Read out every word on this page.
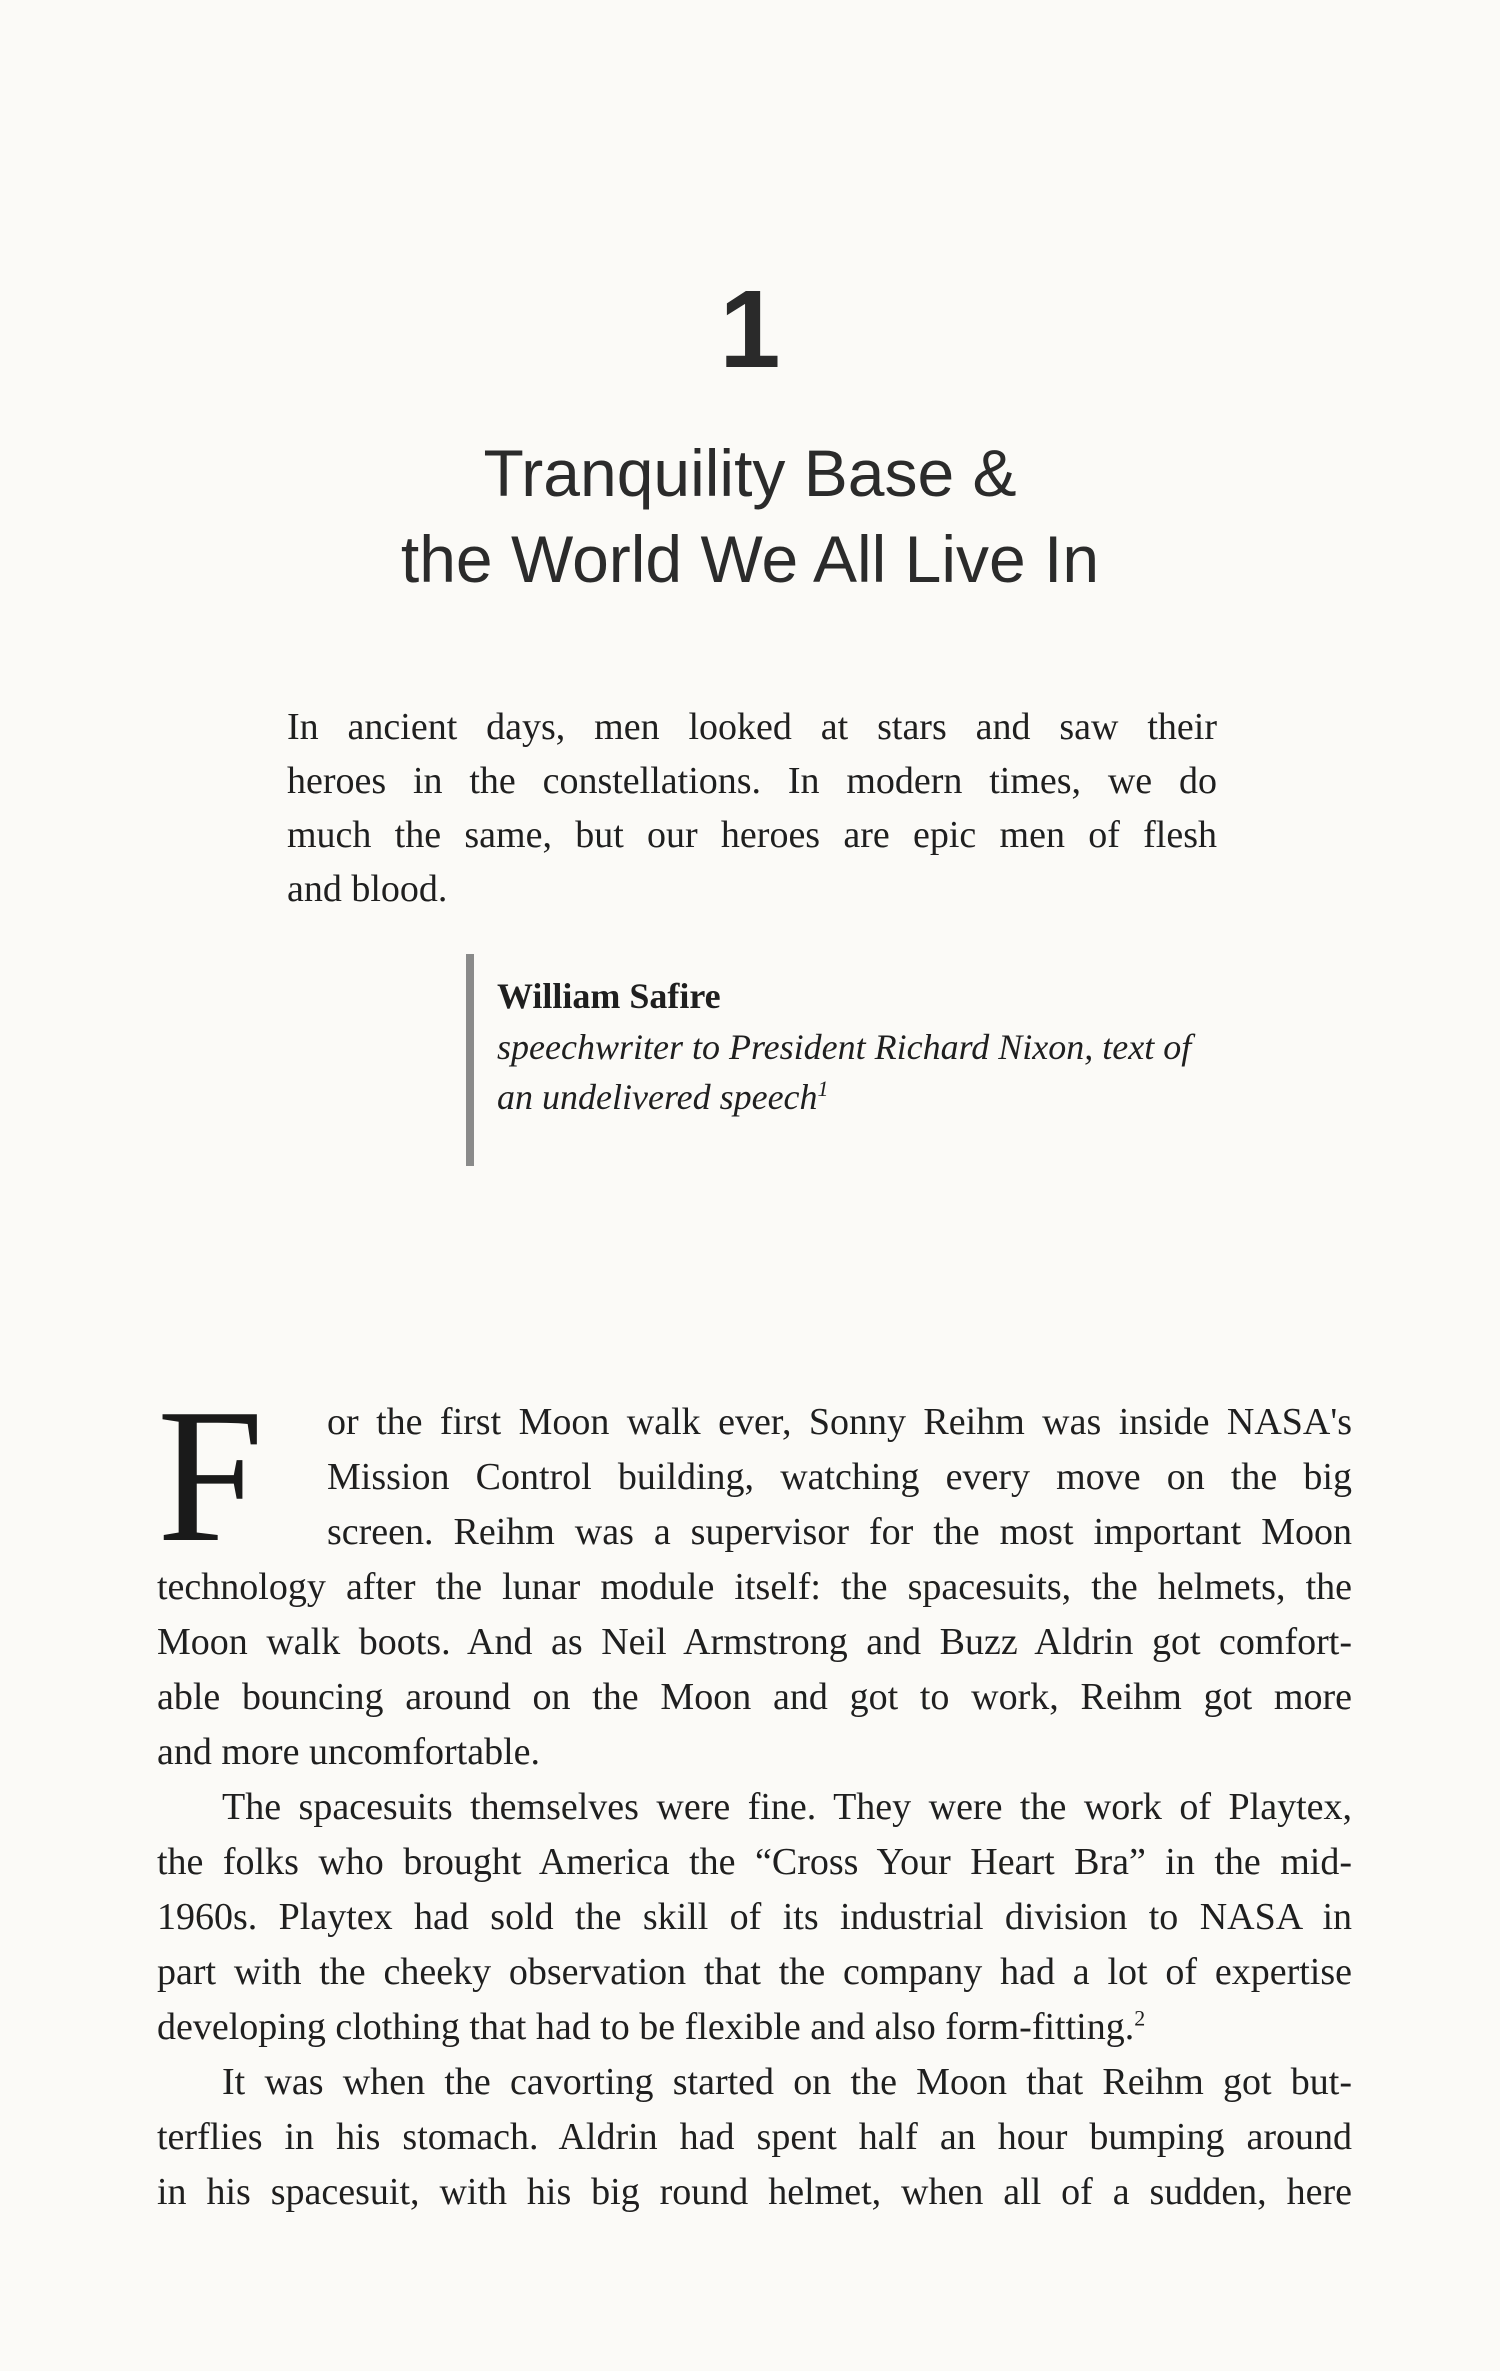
1
Tranquility Base &
the World We All Live In
In ancient days, men looked at stars and saw their
heroes in the constellations. In modern times, we do
much the same, but our heroes are epic men of flesh
and blood.
William Safire
speechwriter to President Richard Nixon, text of
an undelivered speech$^1$
F	or the first Moon walk ever, Sonny Reihm was inside NASA's
Mission Control building, watching every move on the big
screen. Reihm was a supervisor for the most important Moon
technology after the lunar module itself: the spacesuits, the helmets, the
Moon walk boots. And as Neil Armstrong and Buzz Aldrin got comfort-
able bouncing around on the Moon and got to work, Reihm got more
and more uncomfortable.
The spacesuits themselves were fine. They were the work of Playtex,
the folks who brought America the “Cross Your Heart Bra” in the mid-
1960s. Playtex had sold the skill of its industrial division to NASA in
part with the cheeky observation that the company had a lot of expertise
developing clothing that had to be flexible and also form-fitting.$^2$
It was when the cavorting started on the Moon that Reihm got but-
terflies in his stomach. Aldrin had spent half an hour bumping around
in his spacesuit, with his big round helmet, when all of a sudden, here
